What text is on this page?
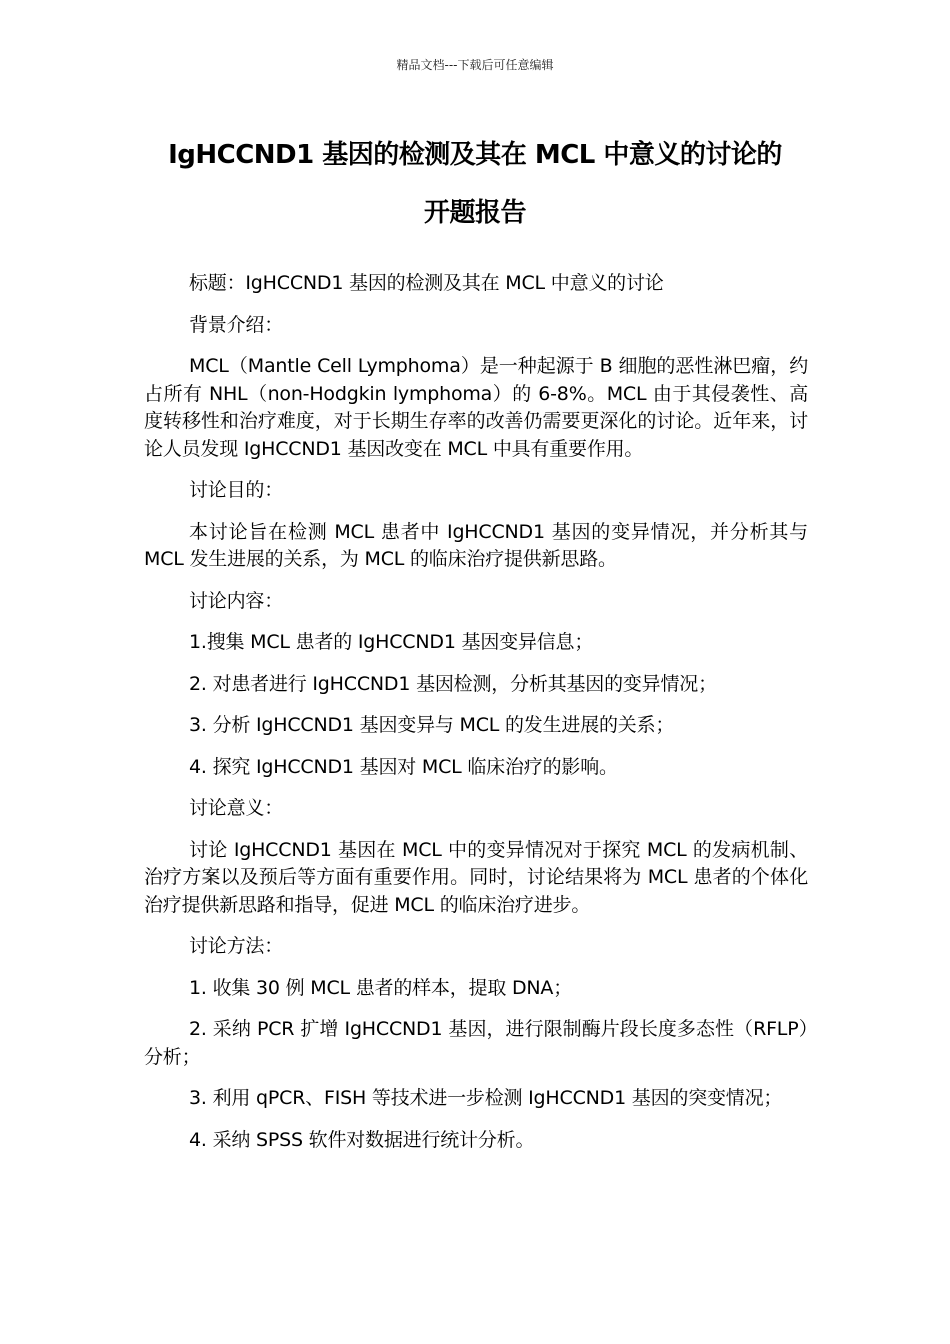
精品文档---下载后可任意编辑
IgHCCND1 基因的检测及其在 MCL 中意义的讨论的
开题报告

标题：IgHCCND1 基因的检测及其在 MCL 中意义的讨论

背景介绍：

MCL（Mantle Cell Lymphoma）是一种起源于 B 细胞的恶性淋巴瘤，约占所有 NHL（non-Hodgkin lymphoma）的 6-8%。MCL 由于其侵袭性、高度转移性和治疗难度，对于长期生存率的改善仍需要更深化的讨论。近年来，讨论人员发现 IgHCCND1 基因改变在 MCL 中具有重要作用。

讨论目的：

本讨论旨在检测 MCL 患者中 IgHCCND1 基因的变异情况，并分析其与 MCL 发生进展的关系，为 MCL 的临床治疗提供新思路。

讨论内容：

1.搜集 MCL 患者的 IgHCCND1 基因变异信息；

2. 对患者进行 IgHCCND1 基因检测，分析其基因的变异情况；

3. 分析 IgHCCND1 基因变异与 MCL 的发生进展的关系；

4. 探究 IgHCCND1 基因对 MCL 临床治疗的影响。

讨论意义：

讨论 IgHCCND1 基因在 MCL 中的变异情况对于探究 MCL 的发病机制、治疗方案以及预后等方面有重要作用。同时，讨论结果将为 MCL 患者的个体化治疗提供新思路和指导，促进 MCL 的临床治疗进步。

讨论方法：

1. 收集 30 例 MCL 患者的样本，提取 DNA；

2. 采纳 PCR 扩增 IgHCCND1 基因，进行限制酶片段长度多态性（RFLP）分析；

3. 利用 qPCR、FISH 等技术进一步检测 IgHCCND1 基因的突变情况；

4. 采纳 SPSS 软件对数据进行统计分析。
